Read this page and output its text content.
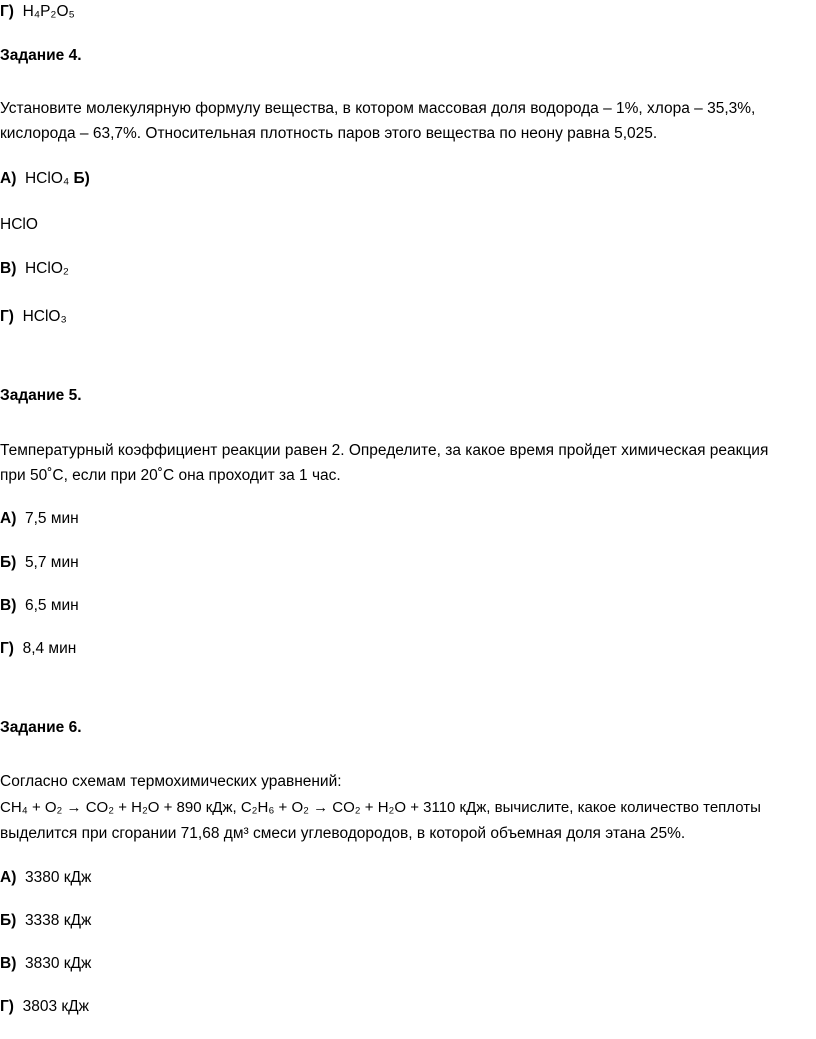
Г) H₄P₂O₅
Задание 4.
Установите молекулярную формулу вещества, в котором массовая доля водорода – 1%, хлора – 35,3%,
кислорода – 63,7%. Относительная плотность паров этого вещества по неону равна 5,025.
А) HClO₄ Б)
HClO
В) HClO₂
Г) HClO₃
Задание 5.
Температурный коэффициент реакции равен 2. Определите, за какое время пройдет химическая реакция
при 50˚С, если при 20˚С она проходит за 1 час.
А) 7,5 мин
Б) 5,7 мин
В) 6,5 мин
Г) 8,4 мин
Задание 6.
Согласно схемам термохимических уравнений:
CH₄ + O₂ → CO₂ + H₂O + 890 кДж, C₂H₆ + O₂ → CO₂ + H₂O + 3110 кДж, вычислите, какое количество теплоты
выделится при сгорании 71,68 дм³ смеси углеводородов, в которой объемная доля этана 25%.
А) 3380 кДж
Б) 3338 кДж
В) 3830 кДж
Г) 3803 кДж
